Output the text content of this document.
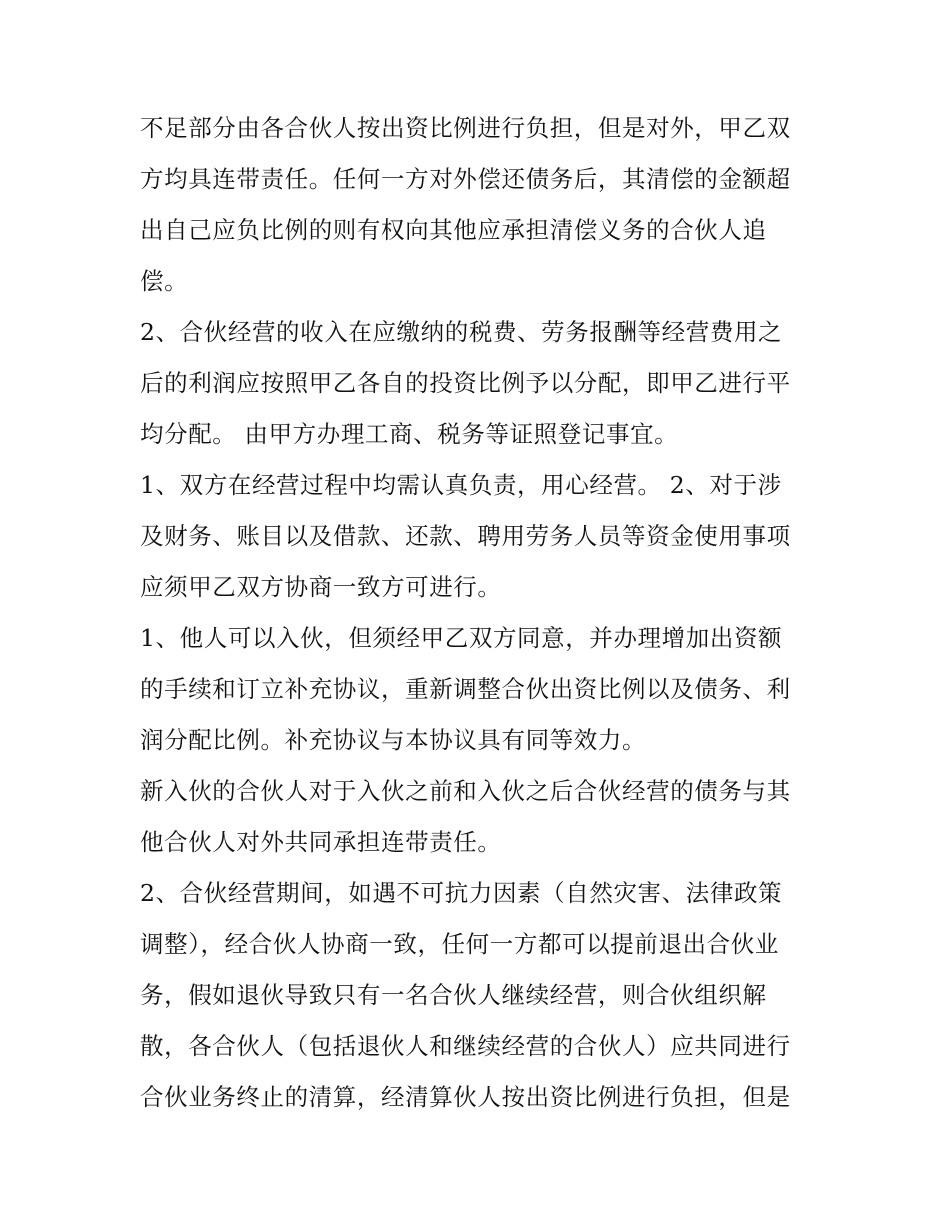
不足部分由各合伙人按出资比例进行负担，但是对外，甲乙双
方均具连带责任。任何一方对外偿还债务后，其清偿的金额超
出自己应负比例的则有权向其他应承担清偿义务的合伙人追
偿。
2、合伙经营的收入在应缴纳的税费、劳务报酬等经营费用之
后的利润应按照甲乙各自的投资比例予以分配，即甲乙进行平
均分配。 由甲方办理工商、税务等证照登记事宜。
1、双方在经营过程中均需认真负责，用心经营。 2、对于涉
及财务、账目以及借款、还款、聘用劳务人员等资金使用事项
应须甲乙双方协商一致方可进行。
1、他人可以入伙，但须经甲乙双方同意，并办理增加出资额
的手续和订立补充协议，重新调整合伙出资比例以及债务、利
润分配比例。补充协议与本协议具有同等效力。
新入伙的合伙人对于入伙之前和入伙之后合伙经营的债务与其
他合伙人对外共同承担连带责任。
2、合伙经营期间，如遇不可抗力因素（自然灾害、法律政策
调整），经合伙人协商一致，任何一方都可以提前退出合伙业
务，假如退伙导致只有一名合伙人继续经营，则合伙组织解
散，各合伙人（包括退伙人和继续经营的合伙人）应共同进行
合伙业务终止的清算，经清算伙人按出资比例进行负担，但是
